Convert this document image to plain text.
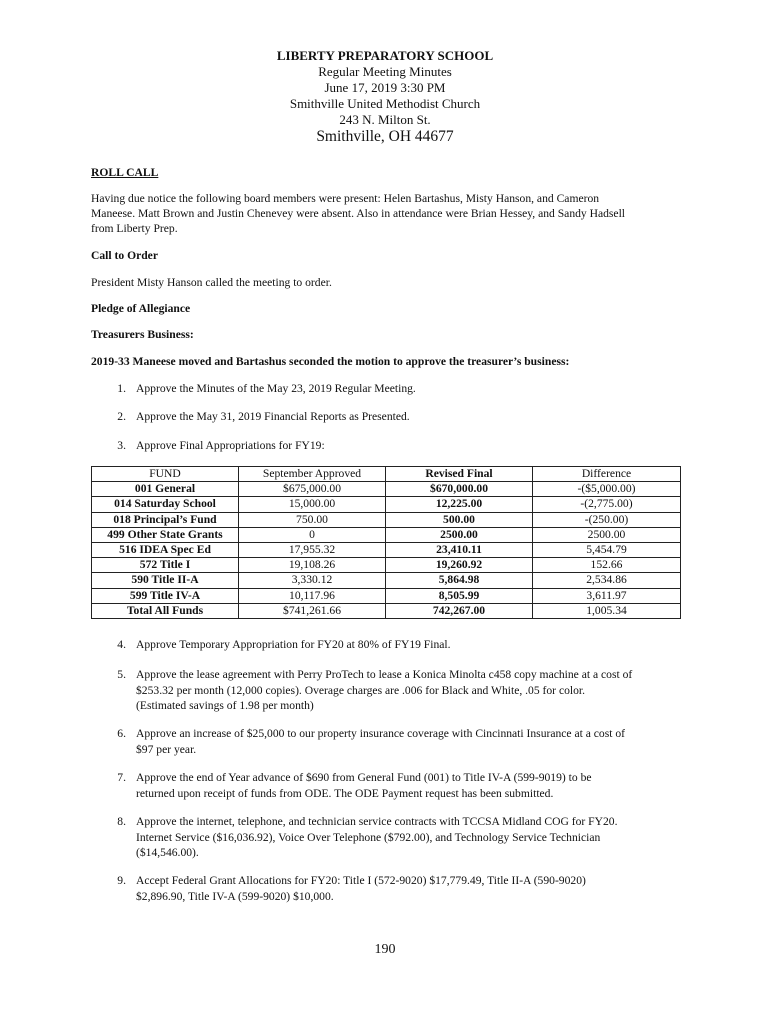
LIBERTY PREPARATORY SCHOOL
Regular Meeting Minutes
June 17, 2019 3:30 PM
Smithville United Methodist Church
243 N. Milton St.
Smithville, OH 44677
ROLL CALL
Having due notice the following board members were present: Helen Bartashus, Misty Hanson, and Cameron
Maneese. Matt Brown and Justin Chenevey were absent. Also in attendance were Brian Hessey, and Sandy Hadsell
from Liberty Prep.
Call to Order
President Misty Hanson called the meeting to order.
Pledge of Allegiance
Treasurers Business:
2019-33 Maneese moved and Bartashus seconded the motion to approve the treasurer’s business:
1. Approve the Minutes of the May 23, 2019 Regular Meeting.
2. Approve the May 31, 2019 Financial Reports as Presented.
3. Approve Final Appropriations for FY19:
FUND	September Approved	Revised Final	Difference
001 General	$675,000.00	$670,000.00	-($5,000.00)
014 Saturday School	15,000.00	12,225.00	-(2,775.00)
018 Principal’s Fund	750.00	500.00	-(250.00)
499 Other State Grants	0	2500.00	2500.00
516 IDEA Spec Ed	17,955.32	23,410.11	5,454.79
572 Title I	19,108.26	19,260.92	152.66
590 Title II-A	3,330.12	5,864.98	2,534.86
599 Title IV-A	10,117.96	8,505.99	3,611.97
Total All Funds	$741,261.66	742,267.00	1,005.34
4. Approve Temporary Appropriation for FY20 at 80% of FY19 Final.
5. Approve the lease agreement with Perry ProTech to lease a Konica Minolta c458 copy machine at a cost of
$253.32 per month (12,000 copies). Overage charges are .006 for Black and White, .05 for color.
(Estimated savings of 1.98 per month)
6. Approve an increase of $25,000 to our property insurance coverage with Cincinnati Insurance at a cost of
$97 per year.
7. Approve the end of Year advance of $690 from General Fund (001) to Title IV-A (599-9019) to be
returned upon receipt of funds from ODE. The ODE Payment request has been submitted.
8. Approve the internet, telephone, and technician service contracts with TCCSA Midland COG for FY20.
Internet Service ($16,036.92), Voice Over Telephone ($792.00), and Technology Service Technician
($14,546.00).
9. Accept Federal Grant Allocations for FY20: Title I (572-9020) $17,779.49, Title II-A (590-9020)
$2,896.90, Title IV-A (599-9020) $10,000.
190
